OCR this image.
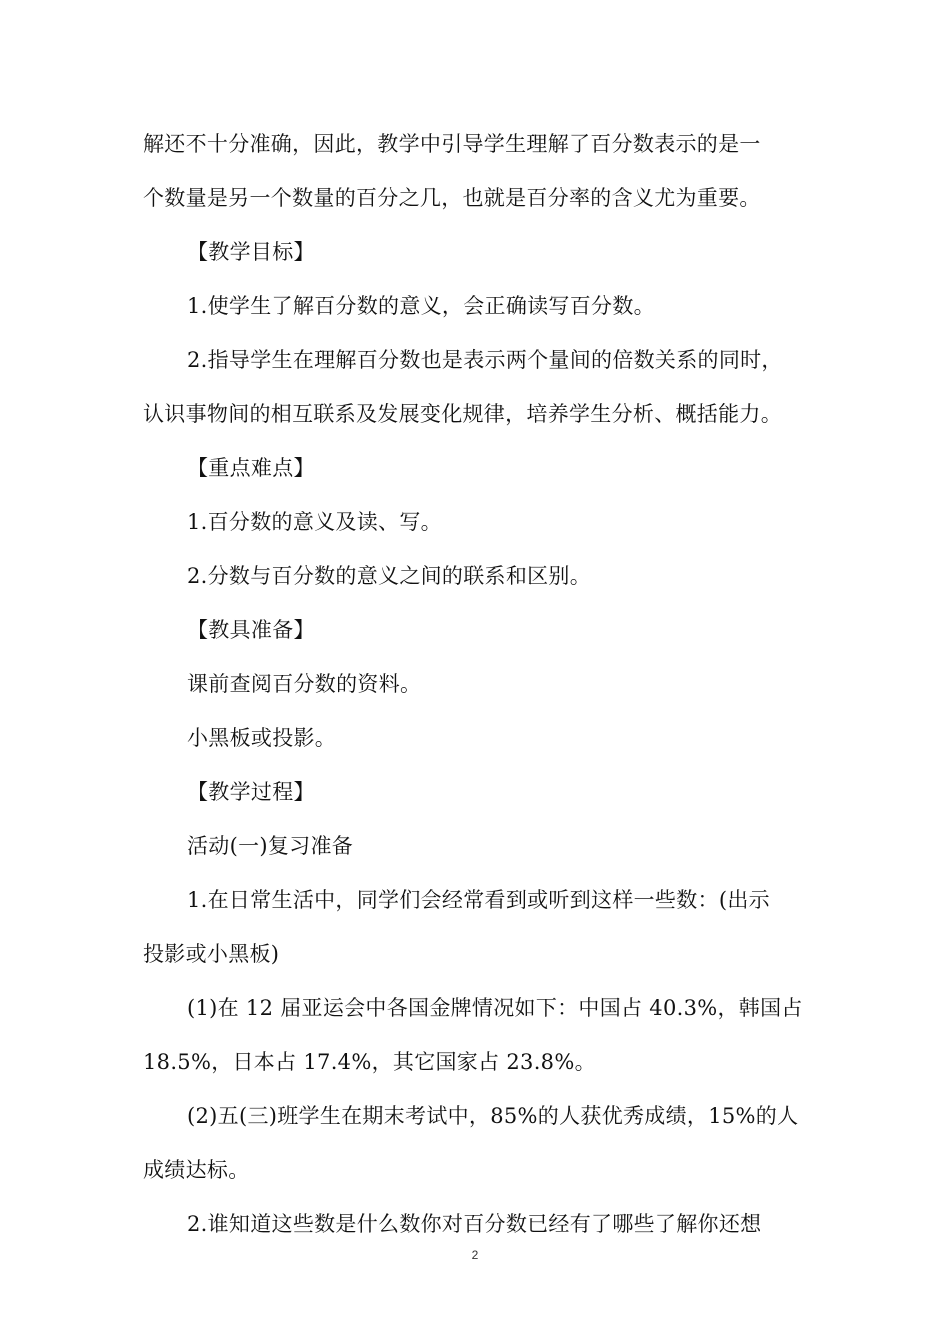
解还不十分准确，因此，教学中引导学生理解了百分数表示的是一

个数量是另一个数量的百分之几，也就是百分率的含义尤为重要。

【教学目标】

1.使学生了解百分数的意义，会正确读写百分数。

2.指导学生在理解百分数也是表示两个量间的倍数关系的同时，

认识事物间的相互联系及发展变化规律，培养学生分析、概括能力。

【重点难点】

1.百分数的意义及读、写。

2.分数与百分数的意义之间的联系和区别。

【教具准备】

课前查阅百分数的资料。

小黑板或投影。

【教学过程】

活动(一)复习准备

1.在日常生活中，同学们会经常看到或听到这样一些数：(出示

投影或小黑板)

(1)在 12 届亚运会中各国金牌情况如下：中国占 40.3%，韩国占

18.5%，日本占 17.4%，其它国家占 23.8%。

(2)五(三)班学生在期末考试中，85%的人获优秀成绩，15%的人

成绩达标。

2.谁知道这些数是什么数你对百分数已经有了哪些了解你还想

2
